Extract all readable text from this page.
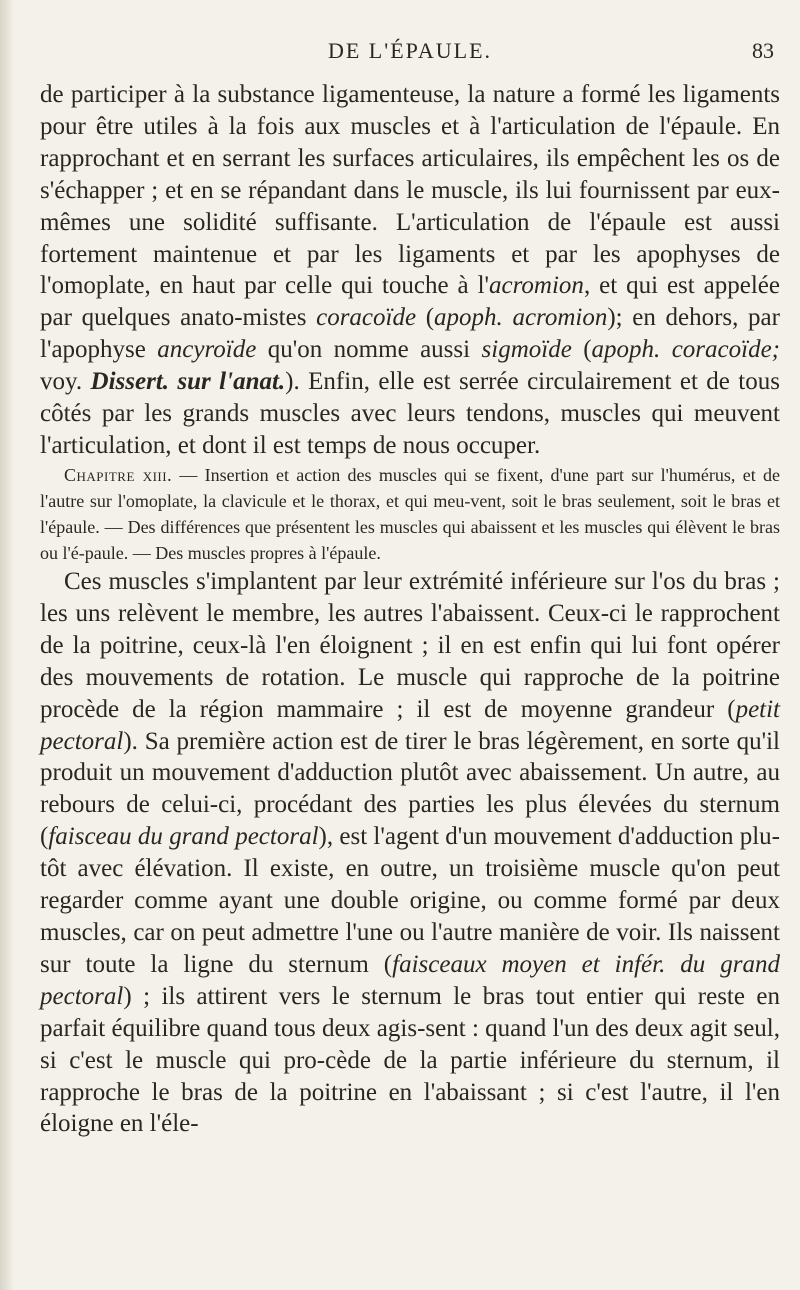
DE L'ÉPAULE.	83

de participer à la substance ligamenteuse, la nature a formé les ligaments pour être utiles à la fois aux muscles et à l'articulation de l'épaule. En rapprochant et en serrant les surfaces articulaires, ils empêchent les os de s'échapper ; et en se répandant dans le muscle, ils lui fournissent par eux-mêmes une solidité suffisante. L'articulation de l'épaule est aussi fortement maintenue et par les ligaments et par les apophyses de l'omoplate, en haut par celle qui touche à l'acromion, et qui est appelée par quelques anato-mistes coracoïde (apoph. acromion); en dehors, par l'apophyse ancyroïde qu'on nomme aussi sigmoïde (apoph. coracoïde; voy. Dissert. sur l'anat.). Enfin, elle est serrée circulairement et de tous côtés par les grands muscles avec leurs tendons, muscles qui meuvent l'articulation, et dont il est temps de nous occuper.

Chapitre xiii. — Insertion et action des muscles qui se fixent, d'une part sur l'humérus, et de l'autre sur l'omoplate, la clavicule et le thorax, et qui meu-vent, soit le bras seulement, soit le bras et l'épaule. — Des différences que présentent les muscles qui abaissent et les muscles qui élèvent le bras ou l'é-paule. — Des muscles propres à l'épaule.

Ces muscles s'implantent par leur extrémité inférieure sur l'os du bras ; les uns relèvent le membre, les autres l'abaissent. Ceux-ci le rapprochent de la poitrine, ceux-là l'en éloignent ; il en est enfin qui lui font opérer des mouvements de rotation. Le muscle qui rapproche de la poitrine procède de la région mammaire ; il est de moyenne grandeur (petit pectoral). Sa première action est de tirer le bras légèrement, en sorte qu'il produit un mouvement d'adduction plutôt avec abaissement. Un autre, au rebours de celui-ci, procédant des parties les plus élevées du sternum (faisceau du grand pectoral), est l'agent d'un mouvement d'adduction plu-tôt avec élévation. Il existe, en outre, un troisième muscle qu'on peut regarder comme ayant une double origine, ou comme formé par deux muscles, car on peut admettre l'une ou l'autre manière de voir. Ils naissent sur toute la ligne du sternum (faisceaux moyen et infér. du grand pectoral) ; ils attirent vers le sternum le bras tout entier qui reste en parfait équilibre quand tous deux agis-sent : quand l'un des deux agit seul, si c'est le muscle qui pro-cède de la partie inférieure du sternum, il rapproche le bras de la poitrine en l'abaissant ; si c'est l'autre, il l'en éloigne en l'éle-
